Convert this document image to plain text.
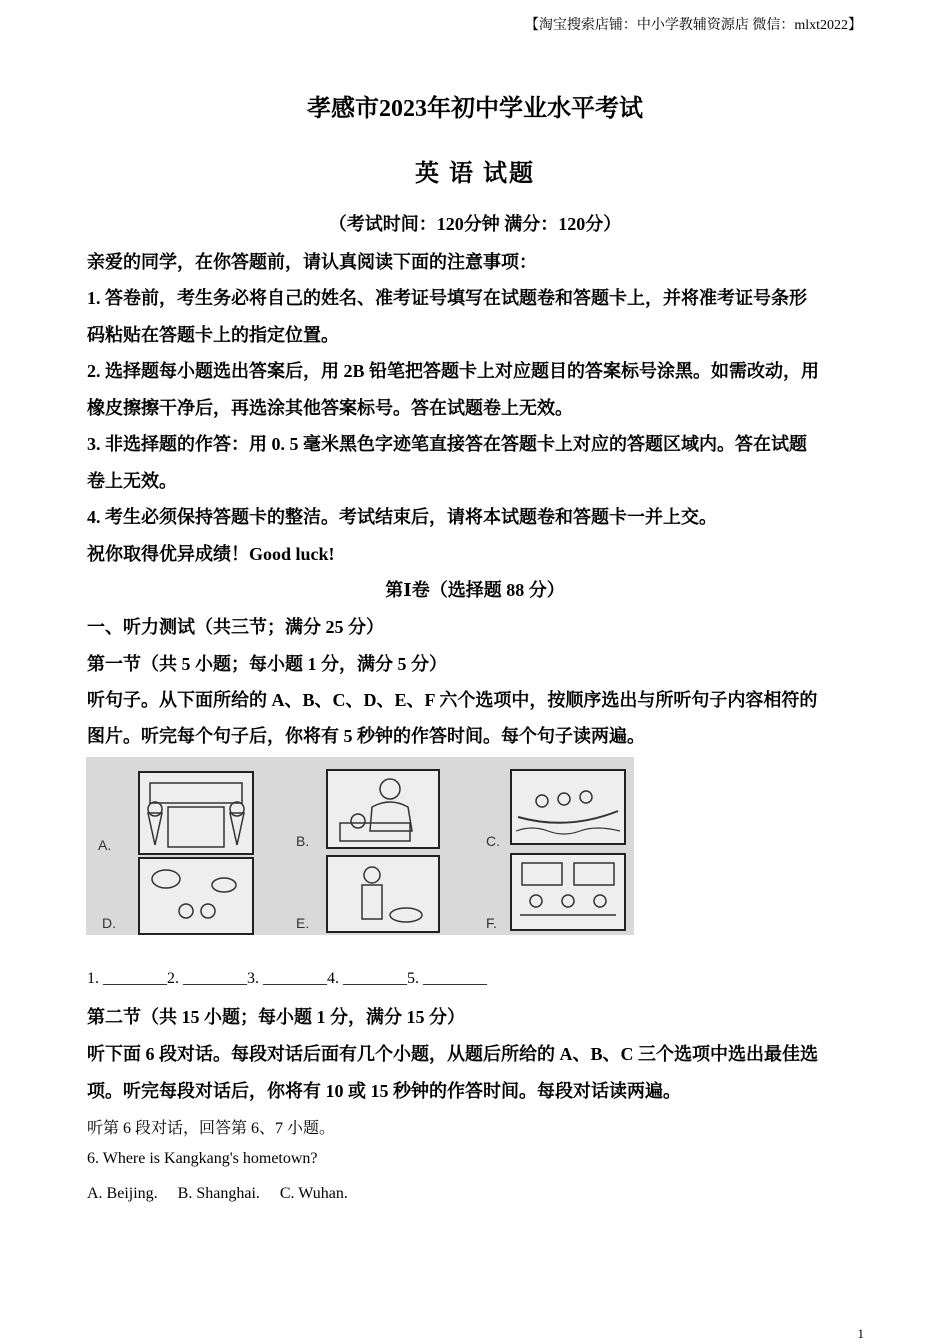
【淘宝搜索店铺：中小学教辅资源店 微信：mlxt2022】
孝感市2023年初中学业水平考试
英 语 试题
（考试时间：120分钟 满分：120分）
亲爱的同学，在你答题前，请认真阅读下面的注意事项：
1. 答卷前，考生务必将自己的姓名、准考证号填写在试题卷和答题卡上，并将准考证号条形
码粘贴在答题卡上的指定位置。
2. 选择题每小题选出答案后，用 2B 铅笔把答题卡上对应题目的答案标号涂黑。如需改动，用
橡皮擦擦干净后，再选涂其他答案标号。答在试题卷上无效。
3. 非选择题的作答：用 0. 5 毫米黑色字迹笔直接答在答题卡上对应的答题区域内。答在试题
卷上无效。
4. 考生必须保持答题卡的整洁。考试结束后，请将本试题卷和答题卡一并上交。
祝你取得优异成绩！Good luck!
第Ⅰ卷（选择题 88 分）
一、听力测试（共三节；满分 25 分）
第一节（共 5 小题；每小题 1 分，满分 5 分）
听句子。从下面所给的 A、B、C、D、E、F 六个选项中，按顺序选出与所听句子内容相符的
图片。听完每个句子后，你将有 5 秒钟的作答时间。每个句子读两遍。
A.	B.	C.
D.	E.	F.
1. ________2. ________3. ________4. ________5. ________
第二节（共 15 小题；每小题 1 分，满分 15 分）
听下面 6 段对话。每段对话后面有几个小题，从题后所给的 A、B、C 三个选项中选出最佳选
项。听完每段对话后，你将有 10 或 15 秒钟的作答时间。每段对话读两遍。
听第 6 段对话，回答第 6、7 小题。
6. Where is Kangkang's hometown?
A. Beijing.     B. Shanghai.     C. Wuhan.
1
